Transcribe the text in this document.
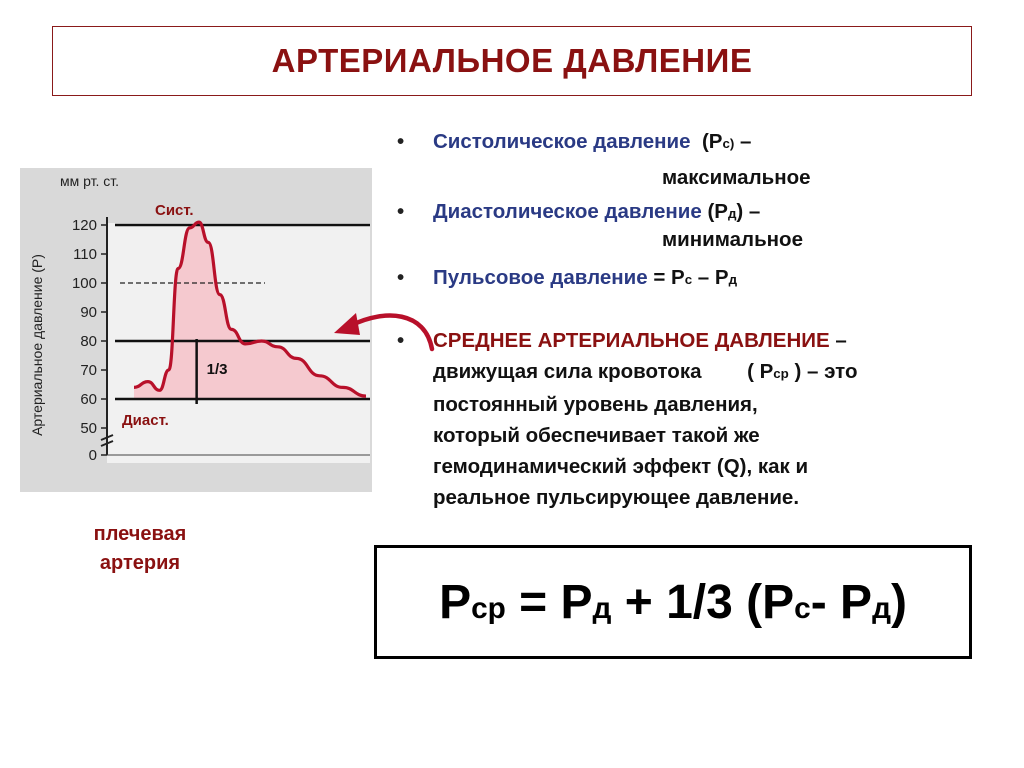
АРТЕРИАЛЬНОЕ ДАВЛЕНИЕ
мм рт. ст.
Артериальное давление (Р)
0
50
60
70
80
90
100
110
120
1/3
Сист.
Диаст.
• Систолическое давление (Рс) –
максимальное
• Диастолическое давление (Рд) –
минимальное
• Пульсовое давление = Рс – Рд
• СРЕДНЕЕ АРТЕРИАЛЬНОЕ ДАВЛЕНИЕ –
движущая сила кровотока ( Рср ) – это
постоянный уровень давления,
который обеспечивает такой же
гемодинамический эффект (Q), как и
реальное пульсирующее давление.
Рср = Рд + 1/3 (Рс- Рд)
плечевая
артерия
